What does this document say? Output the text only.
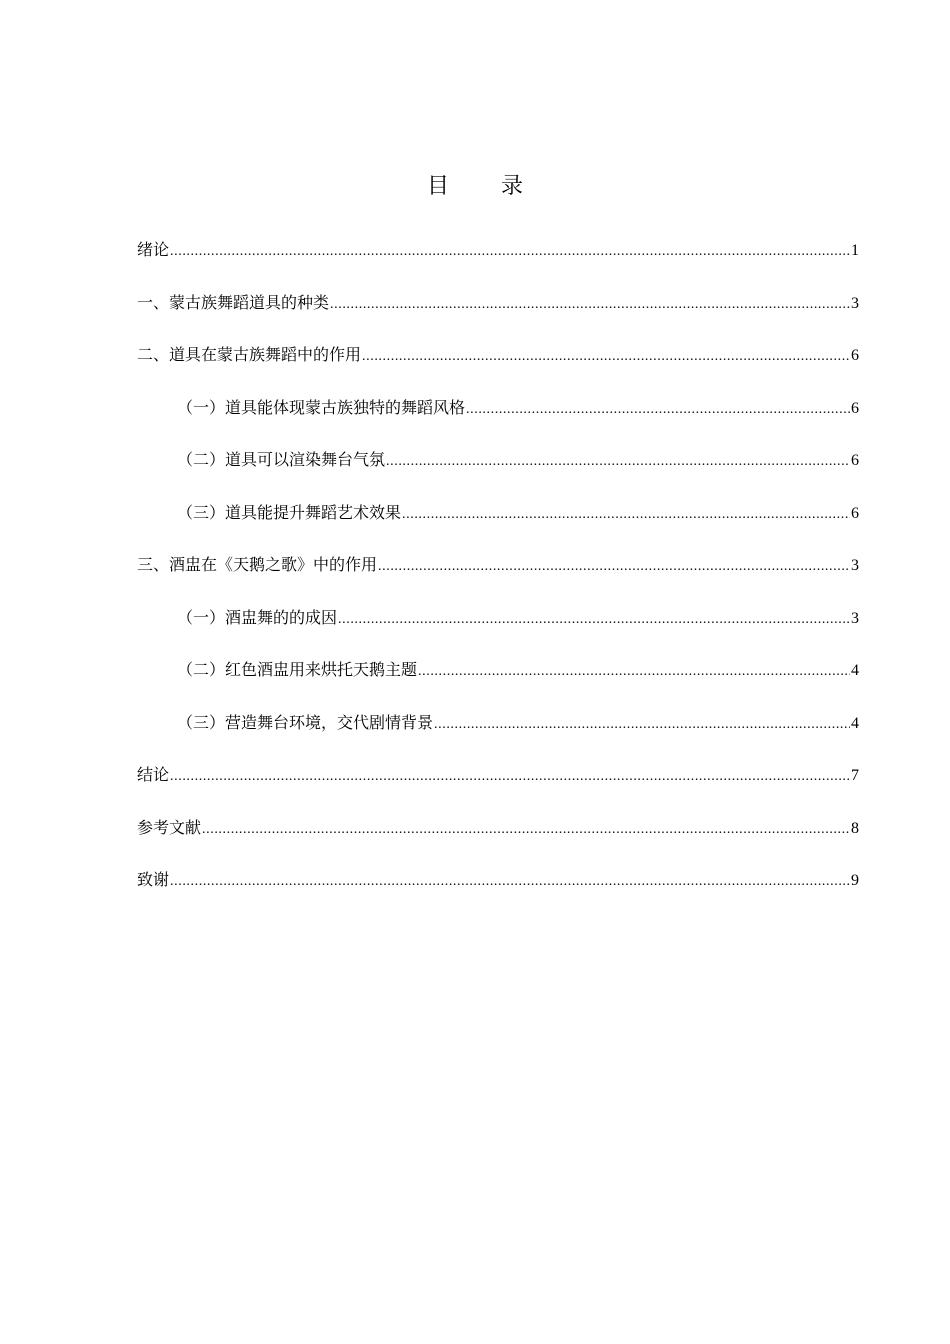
目录
绪论 .....	1
一、蒙古族舞蹈道具的种类 .....	3
二、道具在蒙古族舞蹈中的作用 .....	6
（一）道具能体现蒙古族独特的舞蹈风格 .....	6
（二）道具可以渲染舞台气氛 .....	6
（三）道具能提升舞蹈艺术效果 .....	6
三、酒盅在《天鹅之歌》中的作用 .....	3
（一）酒盅舞的的成因 .....	3
（二）红色酒盅用来烘托天鹅主题 .....	4
（三）营造舞台环境，交代剧情背景 .....	4
结论 .....	7
参考文献 .....	8
致谢 .....	9
